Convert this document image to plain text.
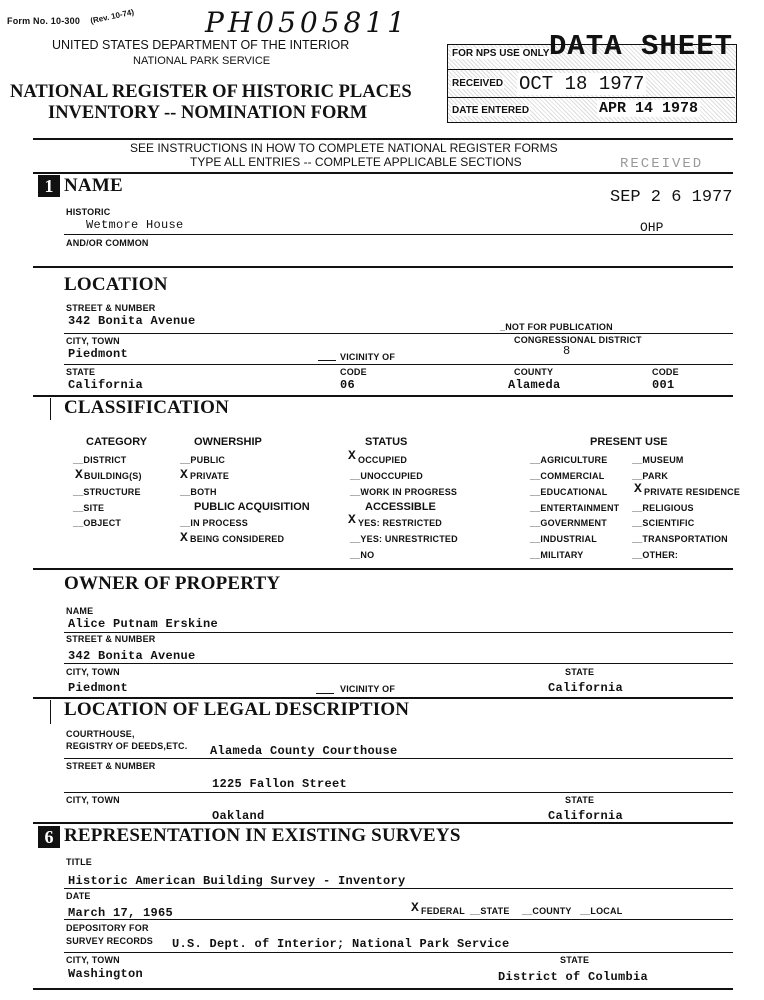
Form No. 10-300 (Rev. 10-74)	PH0505811
UNITED STATES DEPARTMENT OF THE INTERIOR
NATIONAL PARK SERVICE
NATIONAL REGISTER OF HISTORIC PLACES
INVENTORY -- NOMINATION FORM
FOR NPS USE ONLY DATA SHEET
RECEIVED OCT 18 1977
DATE ENTERED	APR 14 1978
SEE INSTRUCTIONS IN HOW TO COMPLETE NATIONAL REGISTER FORMS
TYPE ALL ENTRIES -- COMPLETE APPLICABLE SECTIONS	RECEIVED
SEP 2 6 1977
OHP
1 NAME
HISTORIC
Wetmore House
AND/OR COMMON
LOCATION
STREET & NUMBER
342 Bonita Avenue	_NOT FOR PUBLICATION
CITY, TOWN
Piedmont	VICINITY OF
CONGRESSIONAL DISTRICT
8
STATE
California
CODE
06
COUNTY
Alameda
CODE
001
CLASSIFICATION
CATEGORY
__DISTRICT
X BUILDING(S)
__STRUCTURE
__SITE
__OBJECT
OWNERSHIP
__PUBLIC
X PRIVATE
__BOTH
PUBLIC ACQUISITION
__IN PROCESS
X BEING CONSIDERED
STATUS
X OCCUPIED
__UNOCCUPIED
__WORK IN PROGRESS
ACCESSIBLE
X YES: RESTRICTED
__YES: UNRESTRICTED
__NO
PRESENT USE
__AGRICULTURE
__COMMERCIAL
__EDUCATIONAL
__ENTERTAINMENT
__GOVERNMENT
__INDUSTRIAL
__MILITARY
__MUSEUM
__PARK
X PRIVATE RESIDENCE
__RELIGIOUS
__SCIENTIFIC
__TRANSPORTATION
__OTHER:
OWNER OF PROPERTY
NAME
Alice Putnam Erskine
STREET & NUMBER
342 Bonita Avenue
CITY, TOWN
Piedmont	VICINITY OF
STATE
California
LOCATION OF LEGAL DESCRIPTION
COURTHOUSE,
REGISTRY OF DEEDS,ETC. Alameda County Courthouse
STREET & NUMBER
1225 Fallon Street
CITY, TOWN
Oakland
STATE
California
6 REPRESENTATION IN EXISTING SURVEYS
TITLE
Historic American Building Survey - Inventory
DATE
March 17, 1965	X FEDERAL __STATE __COUNTY __LOCAL
DEPOSITORY FOR
SURVEY RECORDS U.S. Dept. of Interior; National Park Service
CITY, TOWN
Washington
STATE
District of Columbia
